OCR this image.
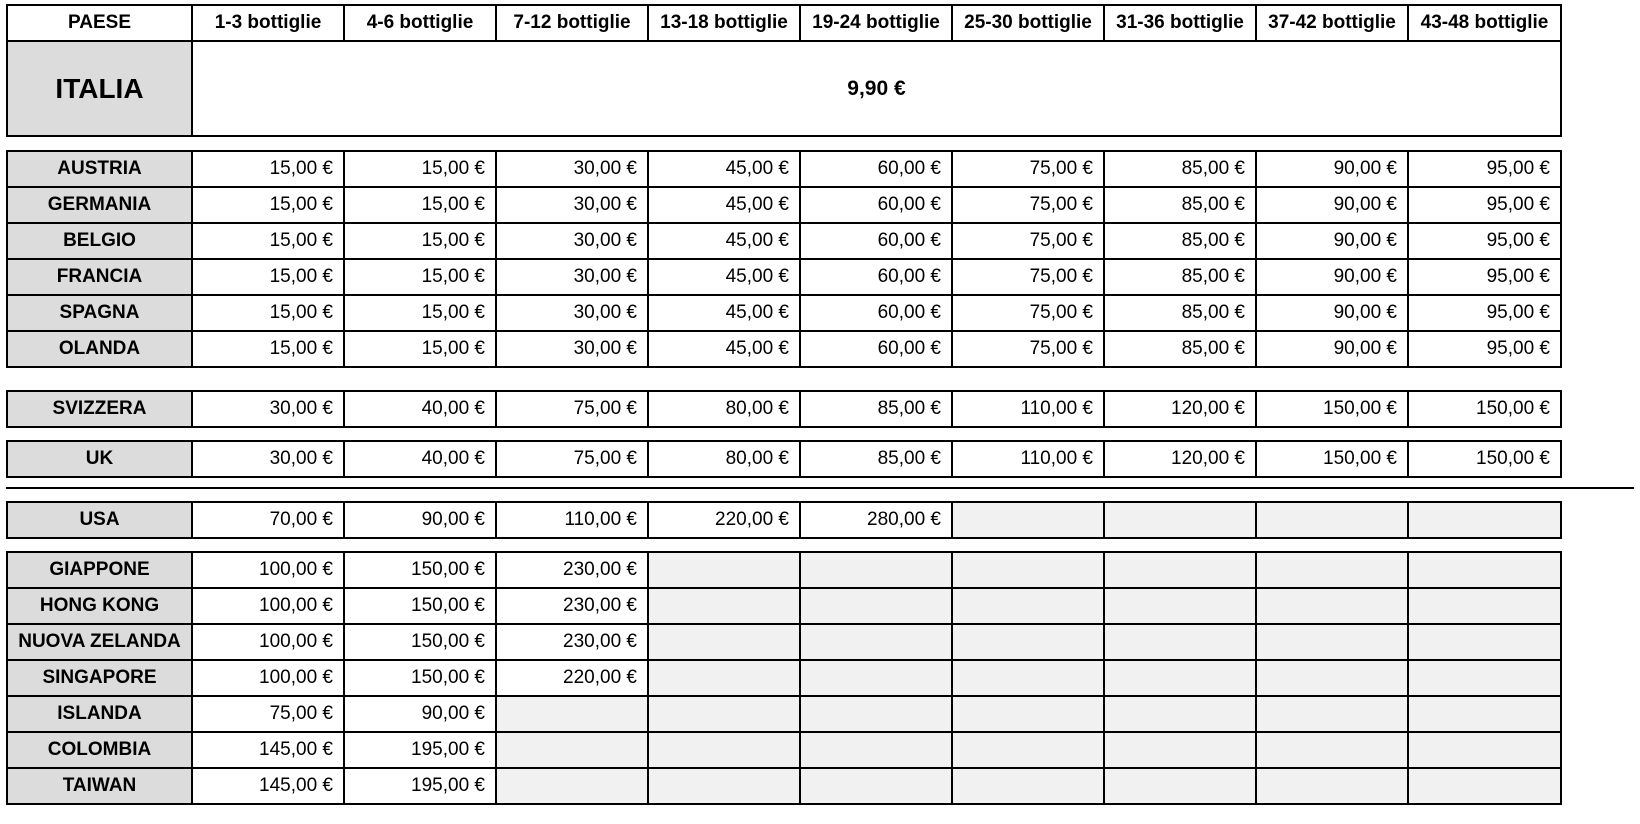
PAESE	1-3 bottiglie	4-6 bottiglie	7-12 bottiglie	13-18 bottiglie	19-24 bottiglie	25-30 bottiglie	31-36 bottiglie	37-42 bottiglie	43-48 bottiglie
ITALIA	9,90 €
AUSTRIA	15,00 €	15,00 €	30,00 €	45,00 €	60,00 €	75,00 €	85,00 €	90,00 €	95,00 €
GERMANIA	15,00 €	15,00 €	30,00 €	45,00 €	60,00 €	75,00 €	85,00 €	90,00 €	95,00 €
BELGIO	15,00 €	15,00 €	30,00 €	45,00 €	60,00 €	75,00 €	85,00 €	90,00 €	95,00 €
FRANCIA	15,00 €	15,00 €	30,00 €	45,00 €	60,00 €	75,00 €	85,00 €	90,00 €	95,00 €
SPAGNA	15,00 €	15,00 €	30,00 €	45,00 €	60,00 €	75,00 €	85,00 €	90,00 €	95,00 €
OLANDA	15,00 €	15,00 €	30,00 €	45,00 €	60,00 €	75,00 €	85,00 €	90,00 €	95,00 €
SVIZZERA	30,00 €	40,00 €	75,00 €	80,00 €	85,00 €	110,00 €	120,00 €	150,00 €	150,00 €
UK	30,00 €	40,00 €	75,00 €	80,00 €	85,00 €	110,00 €	120,00 €	150,00 €	150,00 €
USA	70,00 €	90,00 €	110,00 €	220,00 €	280,00 €
GIAPPONE	100,00 €	150,00 €	230,00 €
HONG KONG	100,00 €	150,00 €	230,00 €
NUOVA ZELANDA	100,00 €	150,00 €	230,00 €
SINGAPORE	100,00 €	150,00 €	220,00 €
ISLANDA	75,00 €	90,00 €
COLOMBIA	145,00 €	195,00 €
TAIWAN	145,00 €	195,00 €
